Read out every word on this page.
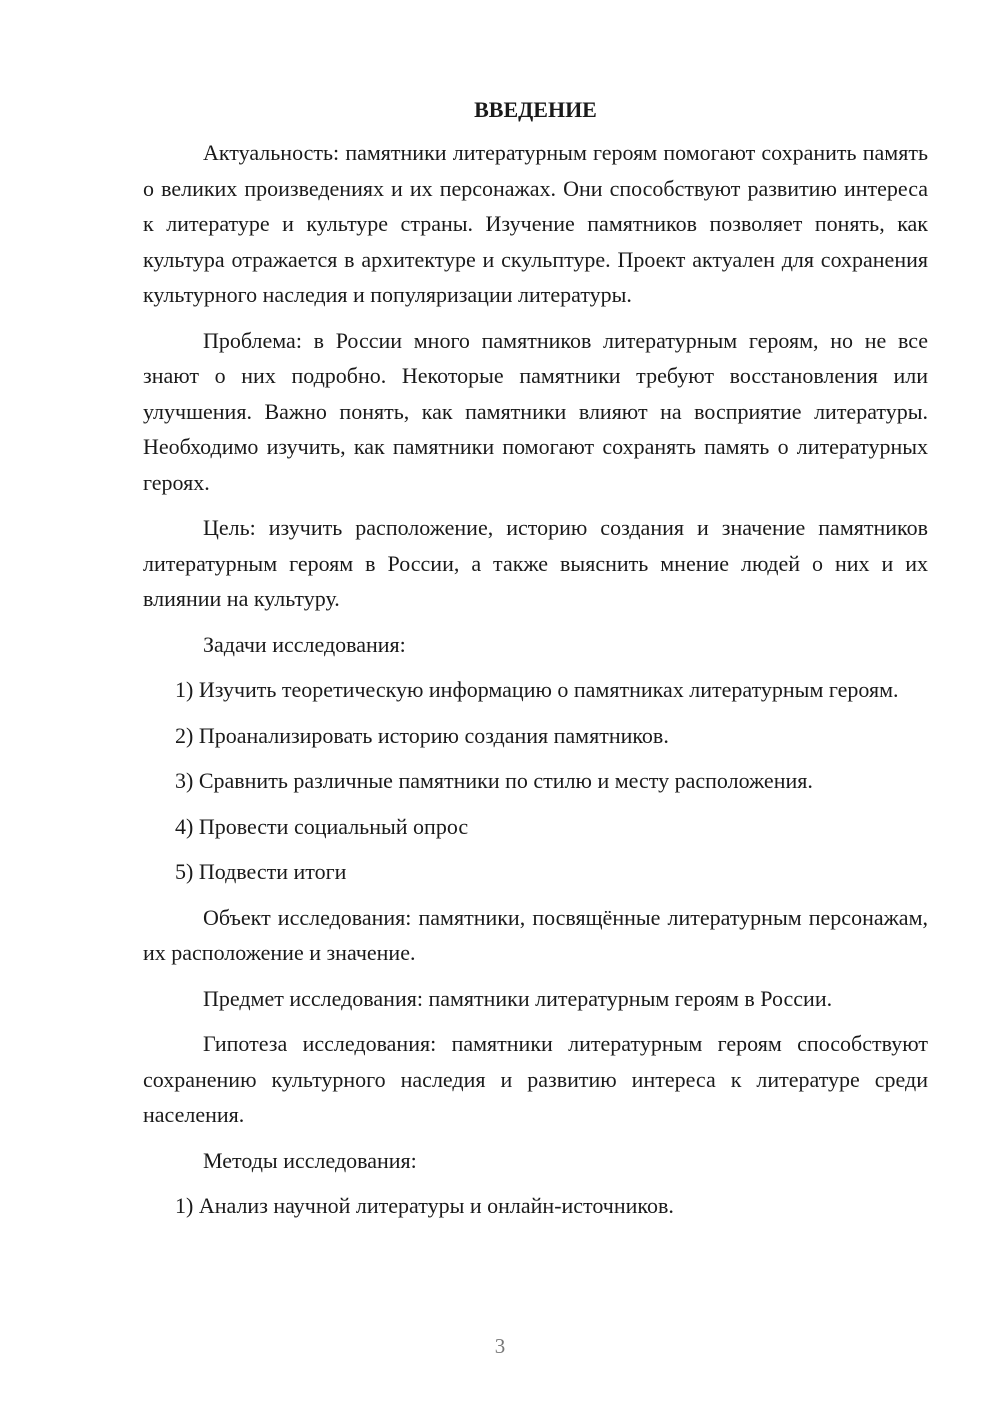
ВВЕДЕНИЕ

Актуальность: памятники литературным героям помогают сохранить память о великих произведениях и их персонажах. Они способствуют развитию интереса к литературе и культуре страны. Изучение памятников позволяет понять, как культура отражается в архитектуре и скульптуре. Проект актуален для сохранения культурного наследия и популяризации литературы.

Проблема: в России много памятников литературным героям, но не все знают о них подробно. Некоторые памятники требуют восстановления или улучшения. Важно понять, как памятники влияют на восприятие литературы. Необходимо изучить, как памятники помогают сохранять память о литературных героях.

Цель: изучить расположение, историю создания и значение памятников литературным героям в России, а также выяснить мнение людей о них и их влиянии на культуру.

Задачи исследования:

1) Изучить теоретическую информацию о памятниках литературным героям.

2) Проанализировать историю создания памятников.

3) Сравнить различные памятники по стилю и месту расположения.

4) Провести социальный опрос

5) Подвести итоги

Объект исследования: памятники, посвящённые литературным персонажам, их расположение и значение.

Предмет исследования: памятники литературным героям в России.

Гипотеза исследования: памятники литературным героям способствуют сохранению культурного наследия и развитию интереса к литературе среди населения.

Методы исследования:

1) Анализ научной литературы и онлайн-источников.

3
